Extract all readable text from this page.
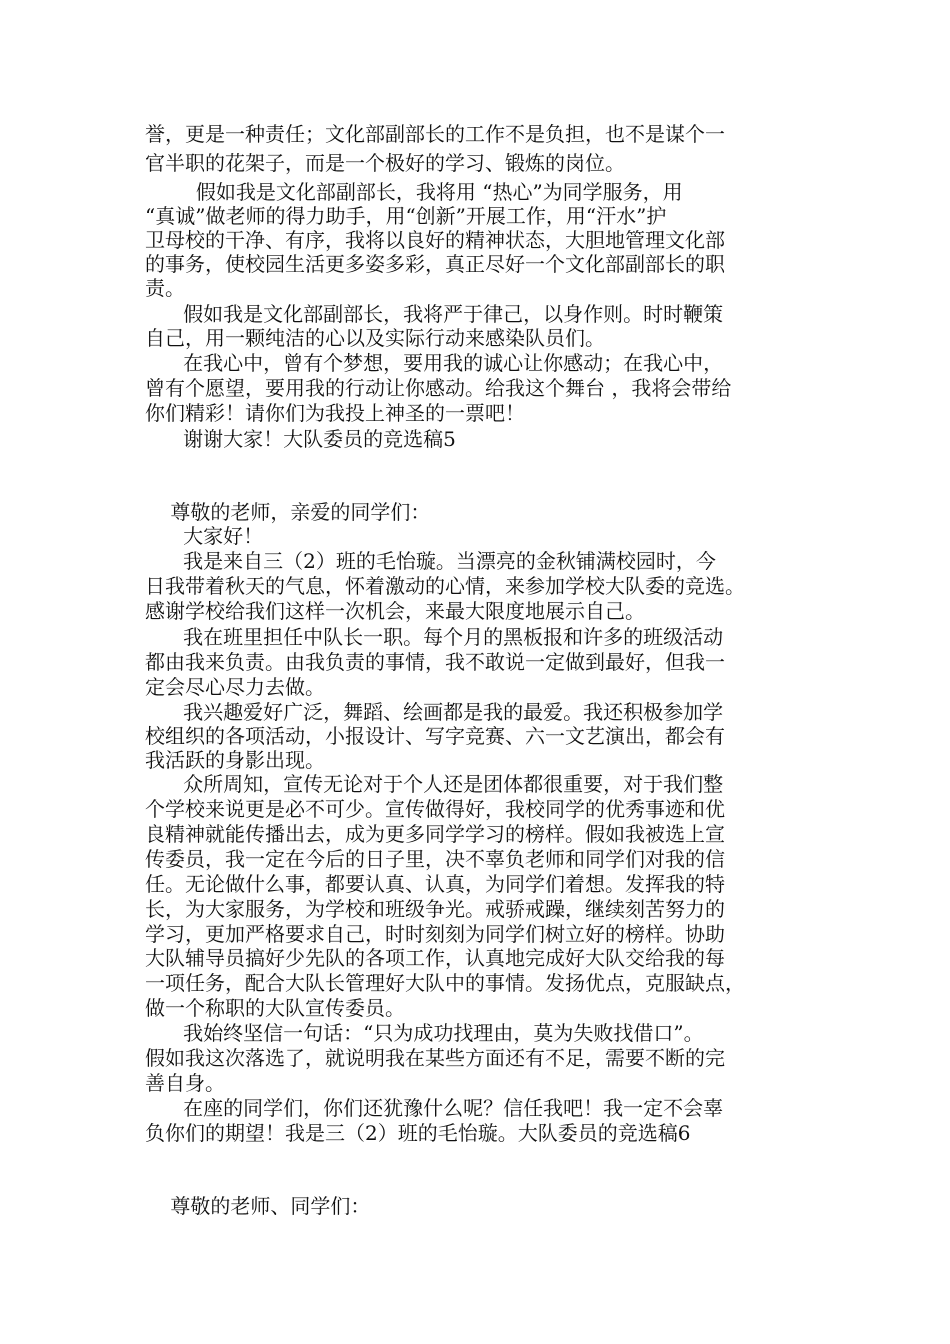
誉，更是一种责任；文化部副部长的工作不是负担，也不是谋个一

官半职的花架子，而是一个极好的学习、锻炼的岗位。

假如我是文化部副部长，我将用 “热心”为同学服务，用

“真诚”做老师的得力助手，用“创新”开展工作，用“汗水”护

卫母校的干净、有序，我将以良好的精神状态，大胆地管理文化部

的事务，使校园生活更多姿多彩，真正尽好一个文化部副部长的职

责。

假如我是文化部副部长，我将严于律己，以身作则。时时鞭策

自己，用一颗纯洁的心以及实际行动来感染队员们。

在我心中，曾有个梦想，要用我的诚心让你感动；在我心中，

曾有个愿望，要用我的行动让你感动。给我这个舞台 ，我将会带给

你们精彩！请你们为我投上神圣的一票吧！

谢谢大家！大队委员的竞选稿5

尊敬的老师，亲爱的同学们：

大家好！

我是来自三（2）班的毛怡璇。当漂亮的金秋铺满校园时，今

日我带着秋天的气息，怀着激动的心情，来参加学校大队委的竞选。

感谢学校给我们这样一次机会，来最大限度地展示自己。

我在班里担任中队长一职。每个月的黑板报和许多的班级活动

都由我来负责。由我负责的事情，我不敢说一定做到最好，但我一

定会尽心尽力去做。

我兴趣爱好广泛，舞蹈、绘画都是我的最爱。我还积极参加学

校组织的各项活动，小报设计、写字竞赛、六一文艺演出，都会有

我活跃的身影出现。

众所周知，宣传无论对于个人还是团体都很重要，对于我们整

个学校来说更是必不可少。宣传做得好，我校同学的优秀事迹和优

良精神就能传播出去，成为更多同学学习的榜样。假如我被选上宣

传委员，我一定在今后的日子里，决不辜负老师和同学们对我的信

任。无论做什么事，都要认真、认真，为同学们着想。发挥我的特

长，为大家服务，为学校和班级争光。戒骄戒躁，继续刻苦努力的

学习，更加严格要求自己，时时刻刻为同学们树立好的榜样。协助

大队辅导员搞好少先队的各项工作，认真地完成好大队交给我的每

一项任务，配合大队长管理好大队中的事情。发扬优点，克服缺点，

做一个称职的大队宣传委员。

我始终坚信一句话：“只为成功找理由，莫为失败找借口”。

假如我这次落选了，就说明我在某些方面还有不足，需要不断的完

善自身。

在座的同学们，你们还犹豫什么呢？信任我吧！我一定不会辜

负你们的期望！我是三（2）班的毛怡璇。大队委员的竞选稿6

尊敬的老师、同学们：
